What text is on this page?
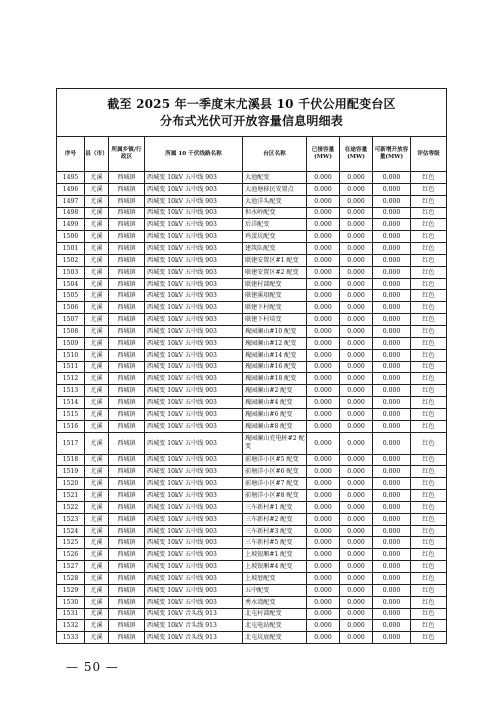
截至 2025 年一季度末尤溪县 10 千伏公用配变台区
分布式光伏可开放容量信息明细表								

序号	县（市）	所属乡镇/行政区	所属 10 千伏线路名称	台区名称	已接容量(MW)	在途容量(MW)	可新增开放容量(MW)	评估等级
1495	尤溪	西城镇	西城变 10kV 五中线 903	大池配变	0.000	0.000	0.000	红色
1496	尤溪	西城镇	西城变 10kV 五中线 903	大池塘移民安置点	0.000	0.000	0.000	红色
1497	尤溪	西城镇	西城变 10kV 五中线 903	大池洋头配变	0.000	0.000	0.000	红色
1498	尤溪	西城镇	西城变 10kV 五中线 903	担水岭配变	0.000	0.000	0.000	红色
1499	尤溪	西城镇	西城变 10kV 五中线 903	后洋配变	0.000	0.000	0.000	红色
1500	尤溪	西城镇	西城变 10kV 五中线 903	鸡蛋坑配变	0.000	0.000	0.000	红色
1501	尤溪	西城镇	西城变 10kV 五中线 903	建筑队配变	0.000	0.000	0.000	红色
1502	尤溪	西城镇	西城变 10kV 五中线 903	联建安置区#1 配变	0.000	0.000	0.000	红色
1503	尤溪	西城镇	西城变 10kV 五中线 903	联建安置区#2 配变	0.000	0.000	0.000	红色
1504	尤溪	西城镇	西城变 10kV 五中线 903	联建村部配变	0.000	0.000	0.000	红色
1505	尤溪	西城镇	西城变 10kV 五中线 903	联建溪垻配变	0.000	0.000	0.000	红色
1506	尤溪	西城镇	西城变 10kV 五中线 903	联建下村配变	0.000	0.000	0.000	红色
1507	尤溪	西城镇	西城变 10kV 五中线 903	联建下村培变	0.000	0.000	0.000	红色
1508	尤溪	西城镇	西城变 10kV 五中线 903	瑰园澜山#10 配变	0.000	0.000	0.000	红色
1509	尤溪	西城镇	西城变 10kV 五中线 903	瑰园澜山#12 配变	0.000	0.000	0.000	红色
1510	尤溪	西城镇	西城变 10kV 五中线 903	瑰园澜山#14 配变	0.000	0.000	0.000	红色
1511	尤溪	西城镇	西城变 10kV 五中线 903	瑰园澜山#16 配变	0.000	0.000	0.000	红色
1512	尤溪	西城镇	西城变 10kV 五中线 903	瑰园澜山#18 配变	0.000	0.000	0.000	红色
1513	尤溪	西城镇	西城变 10kV 五中线 903	瑰园澜山#2 配变	0.000	0.000	0.000	红色
1514	尤溪	西城镇	西城变 10kV 五中线 903	瑰园澜山#4 配变	0.000	0.000	0.000	红色
1515	尤溪	西城镇	西城变 10kV 五中线 903	瑰园澜山#6 配变	0.000	0.000	0.000	红色
1516	尤溪	西城镇	西城变 10kV 五中线 903	瑰园澜山#8 配变	0.000	0.000	0.000	红色
1517	尤溪	西城镇	西城变 10kV 五中线 903	瑰园澜山充电桩#2 配变	0.000	0.000	0.000	红色
1518	尤溪	西城镇	西城变 10kV 五中线 903	前塘洋小区#5 配变	0.000	0.000	0.000	红色
1519	尤溪	西城镇	西城变 10kV 五中线 903	前塘洋小区#6 配变	0.000	0.000	0.000	红色
1520	尤溪	西城镇	西城变 10kV 五中线 903	前塘洋小区#7 配变	0.000	0.000	0.000	红色
1521	尤溪	西城镇	西城变 10kV 五中线 903	前塘洋小区#8 配变	0.000	0.000	0.000	红色
1522	尤溪	西城镇	西城变 10kV 五中线 903	三车新村#1 配变	0.000	0.000	0.000	红色
1523	尤溪	西城镇	西城变 10kV 五中线 903	三车新村#2 配变	0.000	0.000	0.000	红色
1524	尤溪	西城镇	西城变 10kV 五中线 903	三车新村#3 配变	0.000	0.000	0.000	红色
1525	尤溪	西城镇	西城变 10kV 五中线 903	三车新村#5 配变	0.000	0.000	0.000	红色
1526	尤溪	西城镇	西城变 10kV 五中线 903	上坡银厢#1 配变	0.000	0.000	0.000	红色
1527	尤溪	西城镇	西城变 10kV 五中线 903	上坡银厢#4 配变	0.000	0.000	0.000	红色
1528	尤溪	西城镇	西城变 10kV 五中线 903	上坡厝配变	0.000	0.000	0.000	红色
1529	尤溪	西城镇	西城变 10kV 五中线 903	五中配变	0.000	0.000	0.000	红色
1530	尤溪	西城镇	西城变 10kV 五中线 903	秀水湾配变	0.000	0.000	0.000	红色
1531	尤溪	西城镇	西城变 10kV 音头线 913	北屯村部配变	0.000	0.000	0.000	红色
1532	尤溪	西城镇	西城变 10kV 音头线 913	北屯电站配变	0.000	0.000	0.000	红色
1533	尤溪	西城镇	西城变 10kV 音头线 913	北屯坑底配变	0.000	0.000	0.000	红色
— 50 —
